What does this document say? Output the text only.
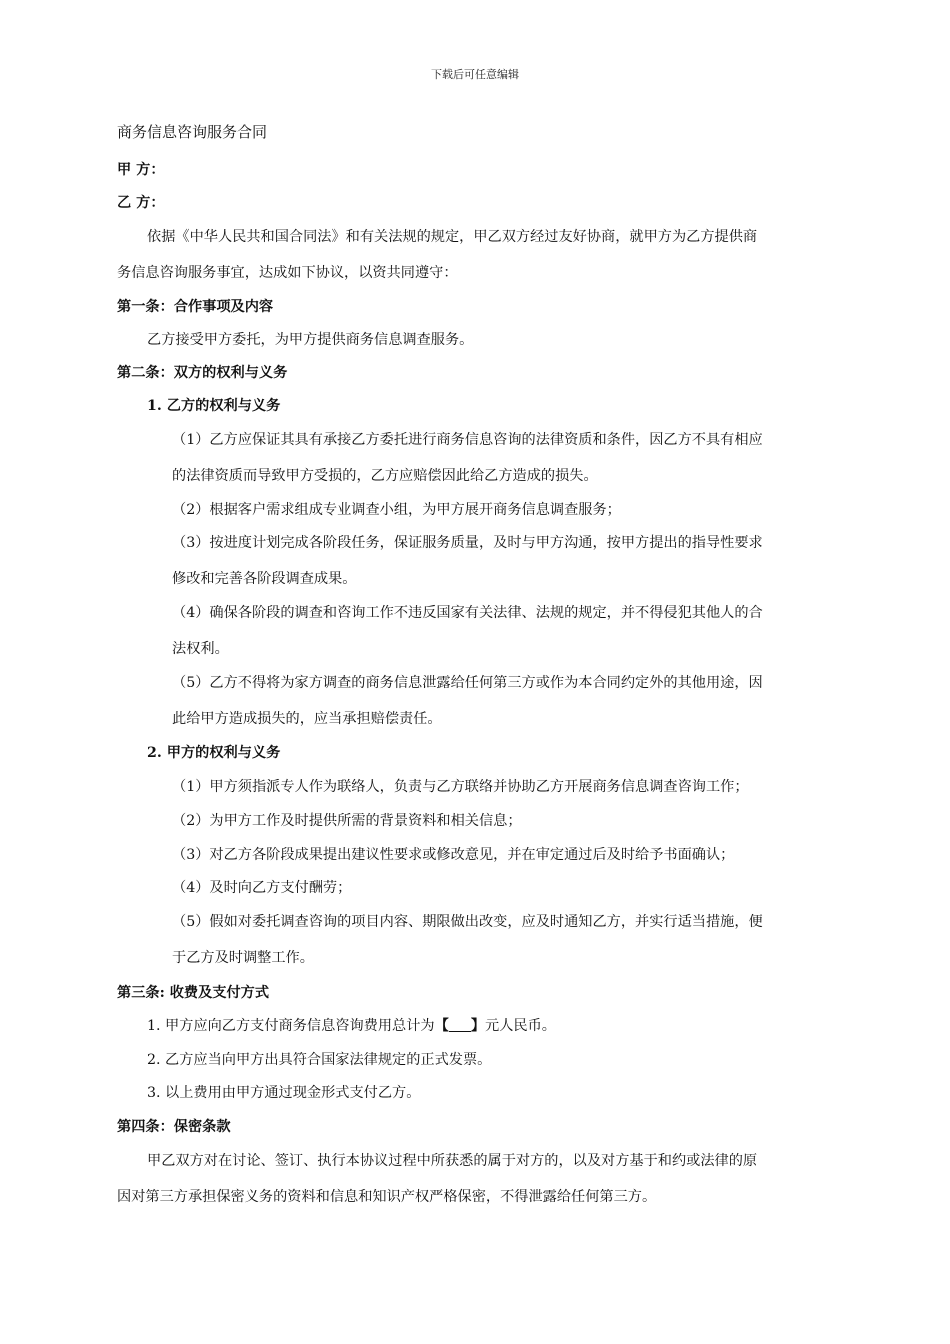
下载后可任意编辑
商务信息咨询服务合同
甲 方：
乙 方：
依据《中华人民共和国合同法》和有关法规的规定，甲乙双方经过友好协商，就甲方为乙方提供商
务信息咨询服务事宜，达成如下协议，以资共同遵守：
第一条：合作事项及内容
乙方接受甲方委托，为甲方提供商务信息调查服务。
第二条：双方的权利与义务
1. 乙方的权利与义务
（1）乙方应保证其具有承接乙方委托进行商务信息咨询的法律资质和条件，因乙方不具有相应
的法律资质而导致甲方受损的，乙方应赔偿因此给乙方造成的损失。
（2）根据客户需求组成专业调查小组，为甲方展开商务信息调查服务；
（3）按进度计划完成各阶段任务，保证服务质量，及时与甲方沟通，按甲方提出的指导性要求
修改和完善各阶段调查成果。
（4）确保各阶段的调查和咨询工作不违反国家有关法律、法规的规定，并不得侵犯其他人的合
法权利。
（5）乙方不得将为家方调查的商务信息泄露给任何第三方或作为本合同约定外的其他用途，因
此给甲方造成损失的，应当承担赔偿责任。
2. 甲方的权利与义务
（1）甲方须指派专人作为联络人，负责与乙方联络并协助乙方开展商务信息调查咨询工作；
（2）为甲方工作及时提供所需的背景资料和相关信息；
（3）对乙方各阶段成果提出建议性要求或修改意见，并在审定通过后及时给予书面确认；
（4）及时向乙方支付酬劳；
（5）假如对委托调查咨询的项目内容、期限做出改变，应及时通知乙方，并实行适当措施，便
于乙方及时调整工作。
第三条: 收费及支付方式
1. 甲方应向乙方支付商务信息咨询费用总计为【 】元人民币。
2. 乙方应当向甲方出具符合国家法律规定的正式发票。
3. 以上费用由甲方通过现金形式支付乙方。
第四条：保密条款
甲乙双方对在讨论、签订、执行本协议过程中所获悉的属于对方的，以及对方基于和约或法律的原
因对第三方承担保密义务的资料和信息和知识产权严格保密，不得泄露给任何第三方。
